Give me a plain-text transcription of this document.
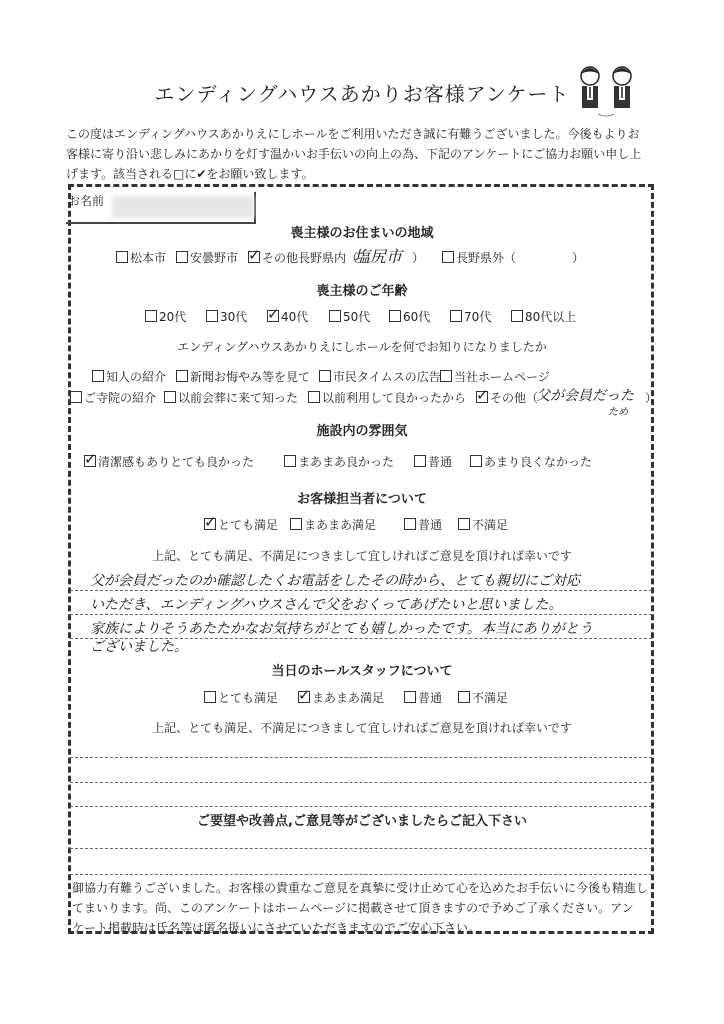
エンディングハウスあかりお客様アンケート
この度はエンディングハウスあかりえにしホールをご利用いただき誠に有難うございました。今後もよりお
客様に寄り沿い悲しみにあかりを灯す温かいお手伝いの向上の為、下記のアンケートにご協力お願い申し上
げます。該当される□に✔をお願い致します。
お名前
喪主様のお住まいの地域
松本市	安曇野市 ✓	その他長野県内（
塩尻市 ）	長野県外（	）
喪主様のご年齢
20代	30代 ✓	40代	50代	60代	70代	80代以上
エンディングハウスあかりえにしホールを何でお知りになりましたか
知人の紹介	新聞お悔やみ等を見て	市民タイムスの広告	当社ホームページ
ご寺院の紹介	以前会葬に来て知った	以前利用して良かったから ✓	その他（
父が会員だった ）
ため
施設内の雰囲気
✓清潔感もありとても良かった	まあまあ良かった	普通	あまり良くなかった
お客様担当者について
✓とても満足	まあまあ満足	普通	不満足
上記、とても満足、不満足につきまして宜しければご意見を頂ければ幸いです
父が会員だったのか確認したくお電話をしたその時から、とても親切にご対応
いただき、エンディングハウスさんで父をおくってあげたいと思いました。
家族によりそうあたたかなお気持ちがとても嬉しかったです。本当にありがとう
ございました。
当日のホールスタッフについて
とても満足 ✓	まあまあ満足	普通	不満足
上記、とても満足、不満足につきまして宜しければご意見を頂ければ幸いです
ご要望や改善点,ご意見等がございましたらご記入下さい
御協力有難うございました。お客様の貴重なご意見を真摯に受け止めて心を込めたお手伝いに今後も精進し
てまいります。尚、このアンケートはホームページに掲載させて頂きますので予めご了承ください。アン
ケート掲載時は氏名等は匿名扱いにさせていただきますのでご安心下さい。
